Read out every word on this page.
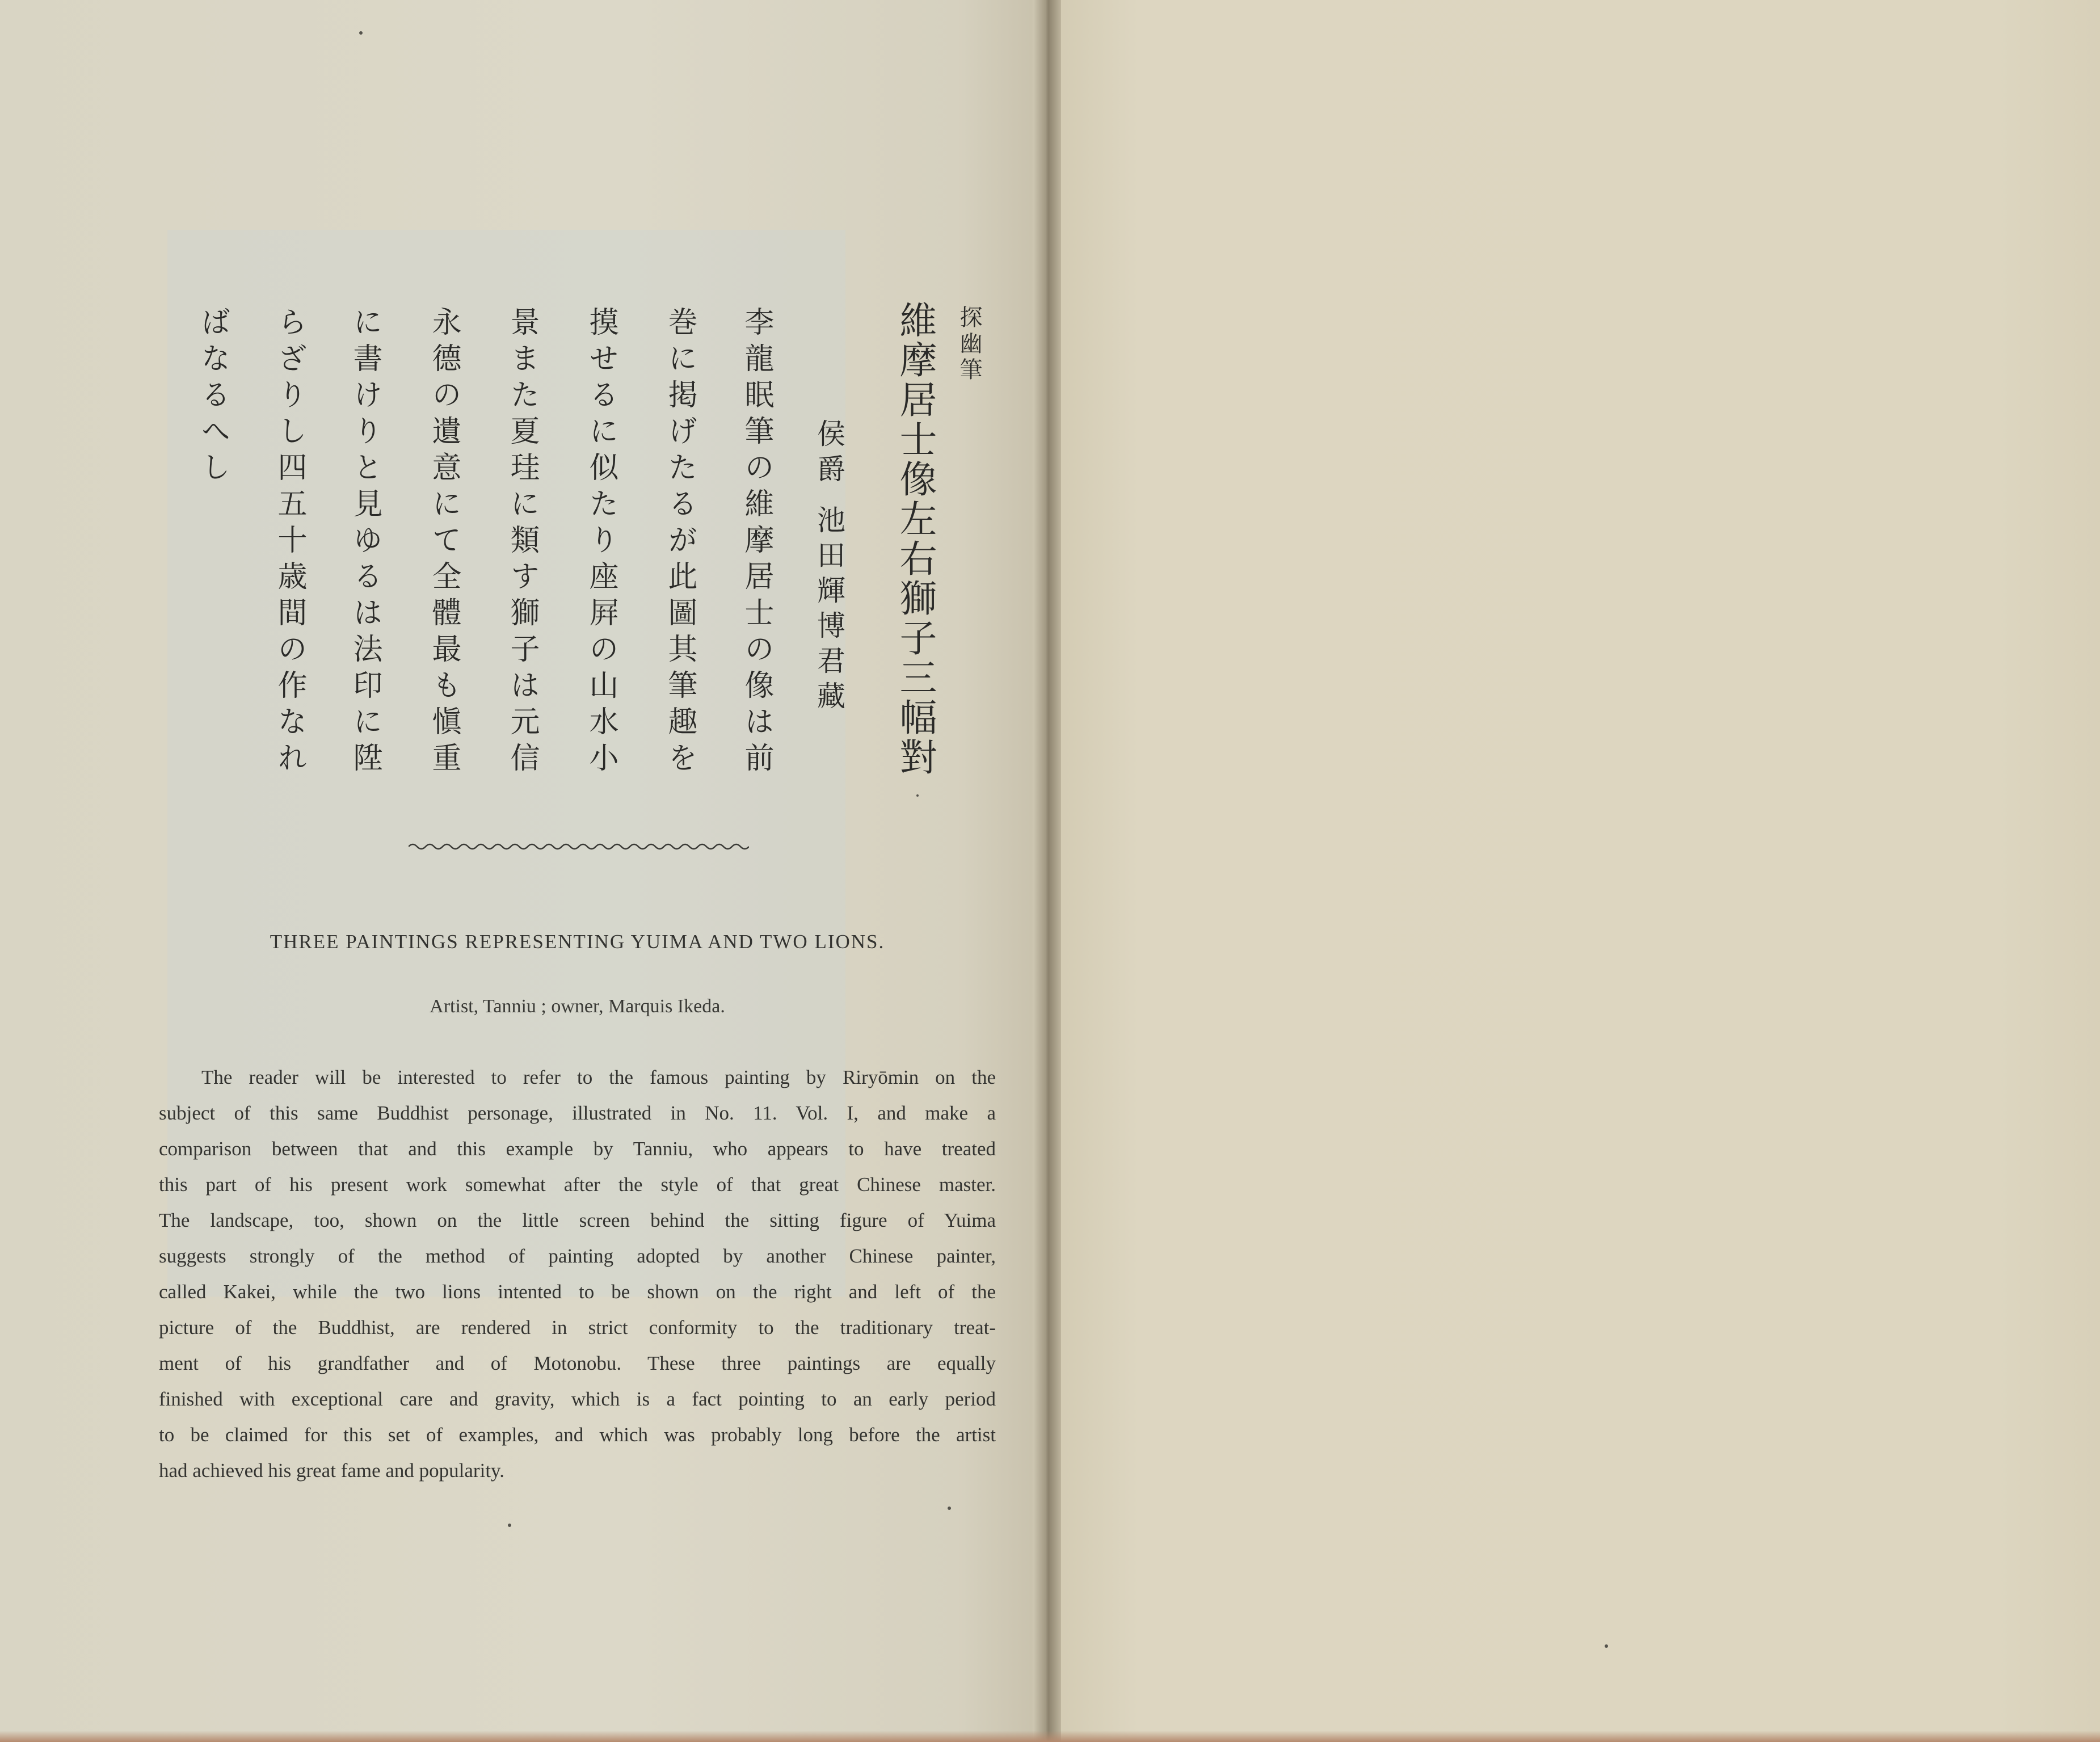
探幽筆
維摩居士像左右獅子三幅對
侯爵 池田輝博君藏
李龍眠筆の維摩居士の像は前
巻に掲げたるが此圖其筆趣を
摸せるに似たり座屛の山水小
景また夏珪に類す獅子は元信
永德の遺意にて全體最も愼重
に書けりと見ゆるは法印に陞
らざりし四五十歳間の作なれ
ばなるへし
THREE PAINTINGS REPRESENTING YUIMA AND TWO LIONS.
Artist, Tanniu ; owner, Marquis Ikeda.
The reader will be interested to refer to the famous painting by Riryōmin on the
subject of this same Buddhist personage, illustrated in No. 11. Vol. I, and make a
comparison between that and this example by Tanniu, who appears to have treated
this part of his present work somewhat after the style of that great Chinese master.
The landscape, too, shown on the little screen behind the sitting figure of Yuima
suggests strongly of the method of painting adopted by another Chinese painter,
called Kakei, while the two lions intented to be shown on the right and left of the
picture of the Buddhist, are rendered in strict conformity to the traditionary treat-
ment of his grandfather and of Motonobu. These three paintings are equally
finished with exceptional care and gravity, which is a fact pointing to an early period
to be claimed for this set of examples, and which was probably long before the artist
had achieved his great fame and popularity.
